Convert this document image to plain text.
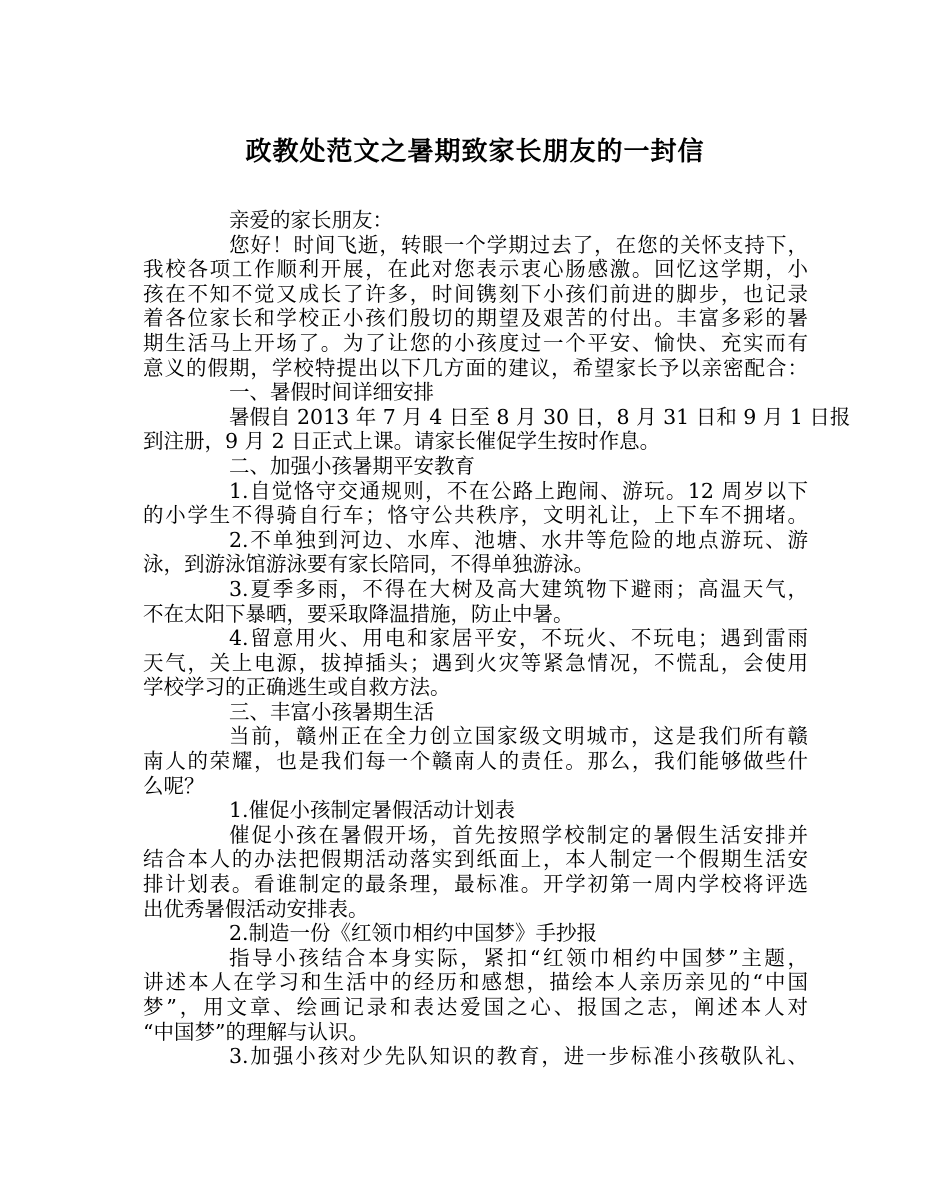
政教处范文之暑期致家长朋友的一封信
亲爱的家长朋友：
您好！时间飞逝，转眼一个学期过去了，在您的关怀支持下，
我校各项工作顺利开展，在此对您表示衷心肠感激。回忆这学期，小
孩在不知不觉又成长了许多，时间镌刻下小孩们前进的脚步，也记录
着各位家长和学校正小孩们殷切的期望及艰苦的付出。丰富多彩的暑
期生活马上开场了。为了让您的小孩度过一个平安、愉快、充实而有
意义的假期，学校特提出以下几方面的建议，希望家长予以亲密配合：
一、暑假时间详细安排
暑假自 2013 年 7 月 4 日至 8 月 30 日，8 月 31 日和 9 月 1 日报
到注册，9 月 2 日正式上课。请家长催促学生按时作息。
二、加强小孩暑期平安教育
1.自觉恪守交通规则，不在公路上跑闹、游玩。12 周岁以下
的小学生不得骑自行车；恪守公共秩序，文明礼让，上下车不拥堵。
2.不单独到河边、水库、池塘、水井等危险的地点游玩、游
泳，到游泳馆游泳要有家长陪同，不得单独游泳。
3.夏季多雨，不得在大树及高大建筑物下避雨；高温天气，
不在太阳下暴晒，要采取降温措施，防止中暑。
4.留意用火、用电和家居平安，不玩火、不玩电；遇到雷雨
天气，关上电源，拔掉插头；遇到火灾等紧急情况，不慌乱，会使用
学校学习的正确逃生或自救方法。
三、丰富小孩暑期生活
当前，赣州正在全力创立国家级文明城市，这是我们所有赣
南人的荣耀，也是我们每一个赣南人的责任。那么，我们能够做些什
么呢？
1.催促小孩制定暑假活动计划表
催促小孩在暑假开场，首先按照学校制定的暑假生活安排并
结合本人的办法把假期活动落实到纸面上，本人制定一个假期生活安
排计划表。看谁制定的最条理，最标准。开学初第一周内学校将评选
出优秀暑假活动安排表。
2.制造一份《红领巾相约中国梦》手抄报
指导小孩结合本身实际，紧扣“红领巾相约中国梦”主题，
讲述本人在学习和生活中的经历和感想，描绘本人亲历亲见的“中国
梦”，用文章、绘画记录和表达爱国之心、报国之志，阐述本人对
“中国梦”的理解与认识。
3.加强小孩对少先队知识的教育，进一步标准小孩敬队礼、
